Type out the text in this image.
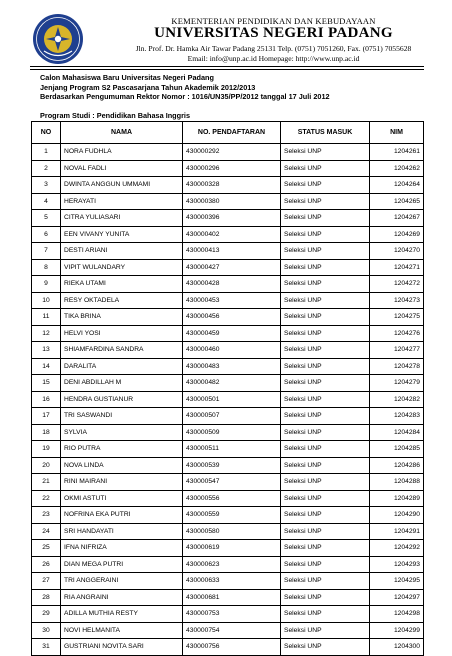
KEMENTERIAN PENDIDIKAN DAN KEBUDAYAAN
UNIVERSITAS NEGERI PADANG
Jln. Prof. Dr. Hamka Air Tawar Padang 25131 Telp. (0751) 7051260, Fax. (0751) 7055628
Email: info@unp.ac.id Homepage: http://www.unp.ac.id
Calon Mahasiswa Baru Universitas Negeri Padang
Jenjang Program S2 Pascasarjana Tahun Akademik 2012/2013
Berdasarkan Pengumuman Rektor Nomor : 1016/UN35/PP/2012 tanggal 17 Juli 2012
Program Studi : Pendidikan Bahasa Inggris
NO	NAMA	NO. PENDAFTARAN	STATUS MASUK	NIM
1	NORA FUDHLA	430000292	Seleksi UNP	1204261
2	NOVAL FADLI	430000296	Seleksi UNP	1204262
3	DWINTA ANGGUN UMMAMI	430000328	Seleksi UNP	1204264
4	HERAYATI	430000380	Seleksi UNP	1204265
5	CITRA YULIASARI	430000396	Seleksi UNP	1204267
6	EEN VIVANY YUNITA	430000402	Seleksi UNP	1204269
7	DESTI ARIANI	430000413	Seleksi UNP	1204270
8	VIPIT WULANDARY	430000427	Seleksi UNP	1204271
9	RIEKA UTAMI	430000428	Seleksi UNP	1204272
10	RESY OKTADELA	430000453	Seleksi UNP	1204273
11	TIKA BRINA	430000456	Seleksi UNP	1204275
12	HELVI YOSI	430000459	Seleksi UNP	1204276
13	SHIAMFARDINA SANDRA	430000460	Seleksi UNP	1204277
14	DARALITA	430000483	Seleksi UNP	1204278
15	DENI ABDILLAH M	430000482	Seleksi UNP	1204279
16	HENDRA GUSTIANUR	430000501	Seleksi UNP	1204282
17	TRI SASWANDI	430000507	Seleksi UNP	1204283
18	SYLVIA	430000509	Seleksi UNP	1204284
19	RIO PUTRA	430000511	Seleksi UNP	1204285
20	NOVA LINDA	430000539	Seleksi UNP	1204286
21	RINI MAIRANI	430000547	Seleksi UNP	1204288
22	OKMI ASTUTI	430000556	Seleksi UNP	1204289
23	NOFRINA EKA PUTRI	430000559	Seleksi UNP	1204290
24	SRI HANDAYATI	430000580	Seleksi UNP	1204291
25	IFNA NIFRIZA	430000619	Seleksi UNP	1204292
26	DIAN MEGA PUTRI	430000623	Seleksi UNP	1204293
27	TRI ANGGERAINI	430000633	Seleksi UNP	1204295
28	RIA ANGRAINI	430000681	Seleksi UNP	1204297
29	ADILLA MUTHIA RESTY	430000753	Seleksi UNP	1204298
30	NOVI HELMANITA	430000754	Seleksi UNP	1204299
31	GUSTRIANI NOVITA SARI	430000756	Seleksi UNP	1204300
